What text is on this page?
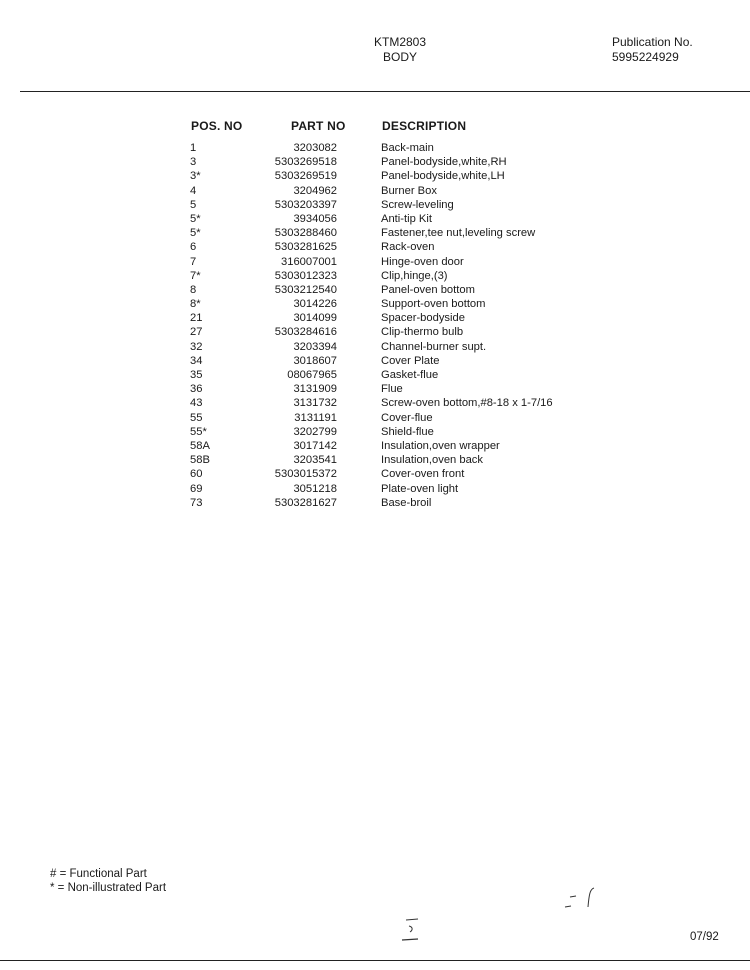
KTM2803
BODY
Publication No.
5995224929
POS. NO	PART NO	DESCRIPTION
1	3203082	Back-main
3	5303269518	Panel-bodyside,white,RH
3*	5303269519	Panel-bodyside,white,LH
4	3204962	Burner Box
5	5303203397	Screw-leveling
5*	3934056	Anti-tip Kit
5*	5303288460	Fastener,tee nut,leveling screw
6	5303281625	Rack-oven
7	316007001	Hinge-oven door
7*	5303012323	Clip,hinge,(3)
8	5303212540	Panel-oven bottom
8*	3014226	Support-oven bottom
21	3014099	Spacer-bodyside
27	5303284616	Clip-thermo bulb
32	3203394	Channel-burner supt.
34	3018607	Cover Plate
35	08067965	Gasket-flue
36	3131909	Flue
43	3131732	Screw-oven bottom,#8-18 x 1-7/16
55	3131191	Cover-flue
55*	3202799	Shield-flue
58A	3017142	Insulation,oven wrapper
58B	3203541	Insulation,oven back
60	5303015372	Cover-oven front
69	3051218	Plate-oven light
73	5303281627	Base-broil
# = Functional Part
* = Non-illustrated Part
07/92
